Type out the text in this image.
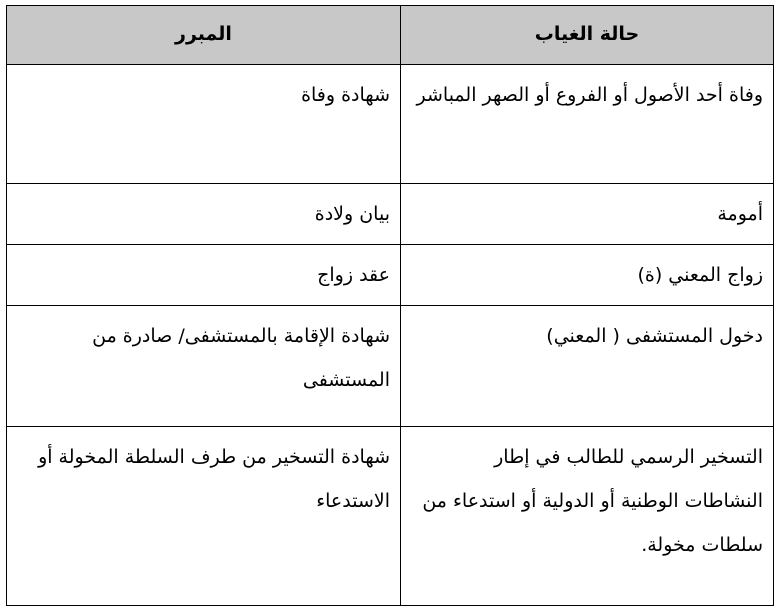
حالة الغياب	المبرر

وفاة أحد الأصول أو الفروع أو الصهر المباشر	شهادة وفاة

أمومة	بيان ولادة

زواج المعني (ة)	عقد زواج

دخول المستشفى ( المعني)	شهادة الإقامة بالمستشفى/ صادرة من المستشفى

التسخير الرسمي للطالب في إطار النشاطات الوطنية أو الدولية أو استدعاء من سلطات مخولة.	شهادة التسخير من طرف السلطة المخولة أو الاستدعاء
